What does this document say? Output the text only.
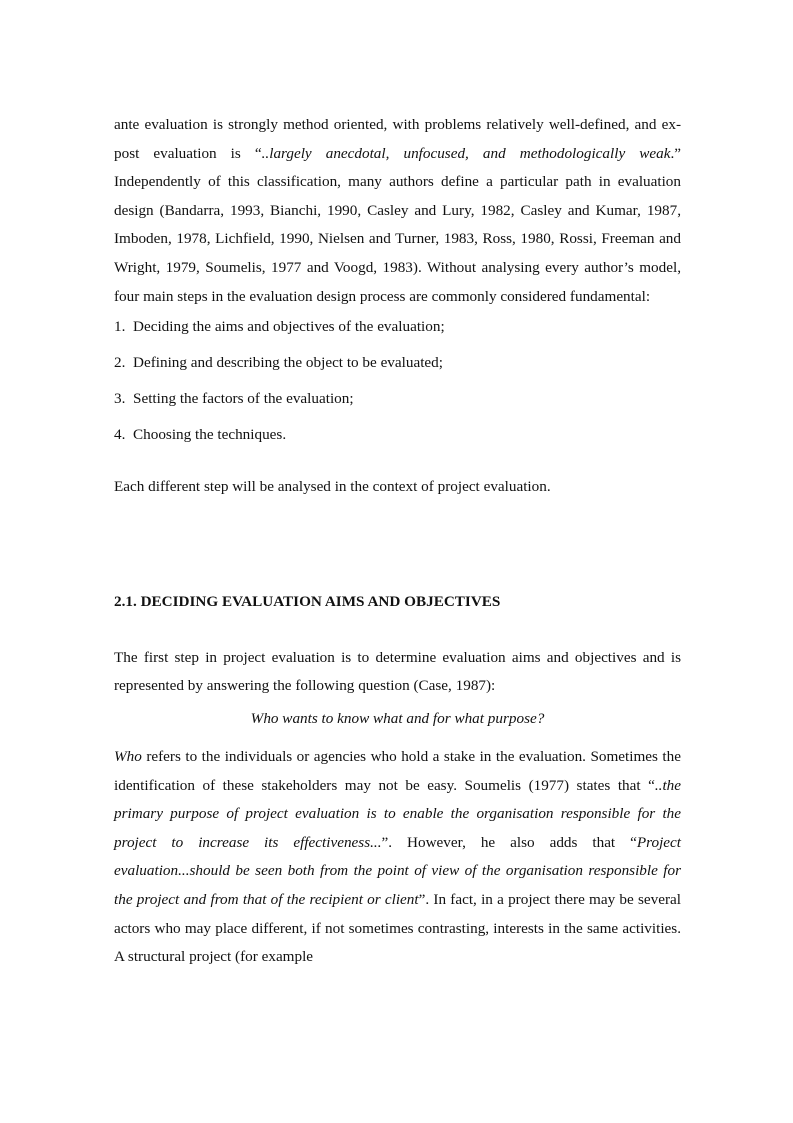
ante evaluation is strongly method oriented, with problems relatively well-defined, and ex-post evaluation is “..largely anecdotal, unfocused, and methodologically weak.” Independently of this classification, many authors define a particular path in evaluation design (Bandarra, 1993, Bianchi, 1990, Casley and Lury, 1982, Casley and Kumar, 1987, Imboden, 1978, Lichfield, 1990, Nielsen and Turner, 1983, Ross, 1980, Rossi, Freeman and Wright, 1979, Soumelis, 1977 and Voogd, 1983). Without analysing every author’s model, four main steps in the evaluation design process are commonly considered fundamental:

1. Deciding the aims and objectives of the evaluation;
2. Defining and describing the object to be evaluated;
3. Setting the factors of the evaluation;
4. Choosing the techniques.

Each different step will be analysed in the context of project evaluation.

2.1. DECIDING EVALUATION AIMS AND OBJECTIVES

The first step in project evaluation is to determine evaluation aims and objectives and is represented by answering the following question (Case, 1987):

Who wants to know what and for what purpose?

Who refers to the individuals or agencies who hold a stake in the evaluation. Sometimes the identification of these stakeholders may not be easy. Soumelis (1977) states that “..the primary purpose of project evaluation is to enable the organisation responsible for the project to increase its effectiveness...”. However, he also adds that “Project evaluation...should be seen both from the point of view of the organisation responsible for the project and from that of the recipient or client”. In fact, in a project there may be several actors who may place different, if not sometimes contrasting, interests in the same activities. A structural project (for example
